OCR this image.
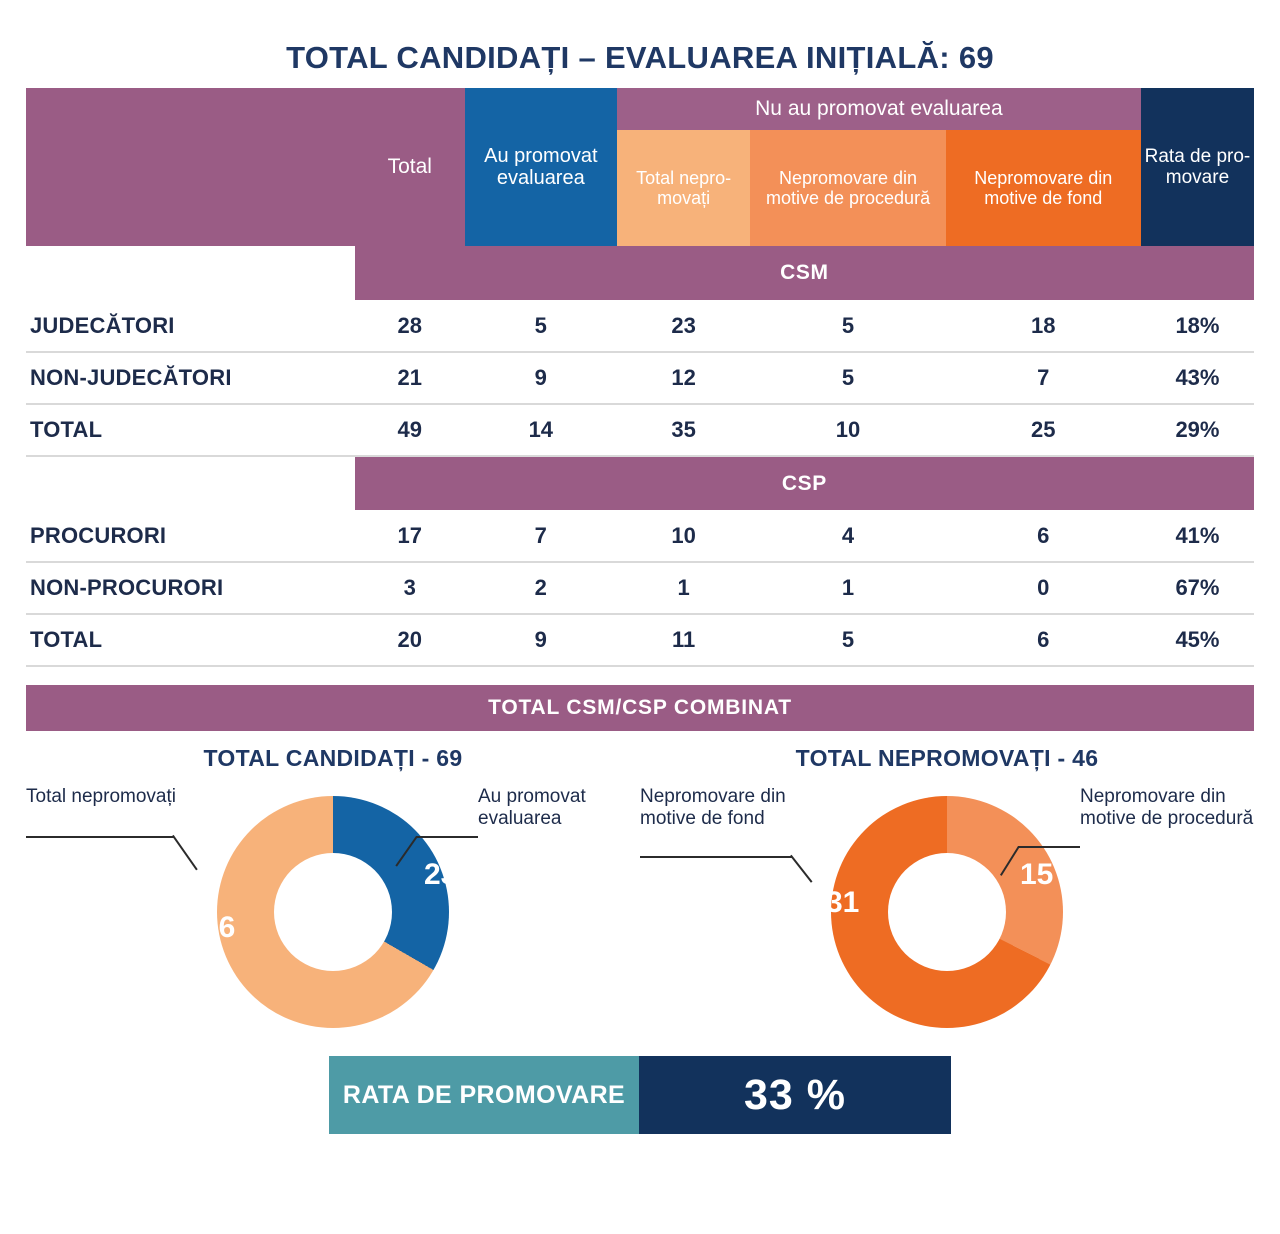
TOTAL CANDIDAȚI – EVALUAREA INIȚIALĂ: 69
	Total	Au promovat evaluarea	Nu au promovat evaluarea			Rata de pro-movare
			Total nepro-movați	Nepromovare din motive de procedură	Nepromovare din motive de fond	
	CSM					
JUDECĂTORI	28	5	23	5	18	18%
NON-JUDECĂTORI	21	9	12	5	7	43%
TOTAL	49	14	35	10	25	29%
	CSP					
PROCURORI	17	7	10	4	6	41%
NON-PROCURORI	3	2	1	1	0	67%
TOTAL	20	9	11	5	6	45%
TOTAL CSM/CSP COMBINAT
TOTAL CANDIDAȚI - 69
23
46
Total nepromovați	Au promovat evaluarea
TOTAL NEPROMOVAȚI - 46
15
31
Nepromovare din motive de fond
Nepromovare din motive de procedură
RATA DE PROMOVARE	33 %
